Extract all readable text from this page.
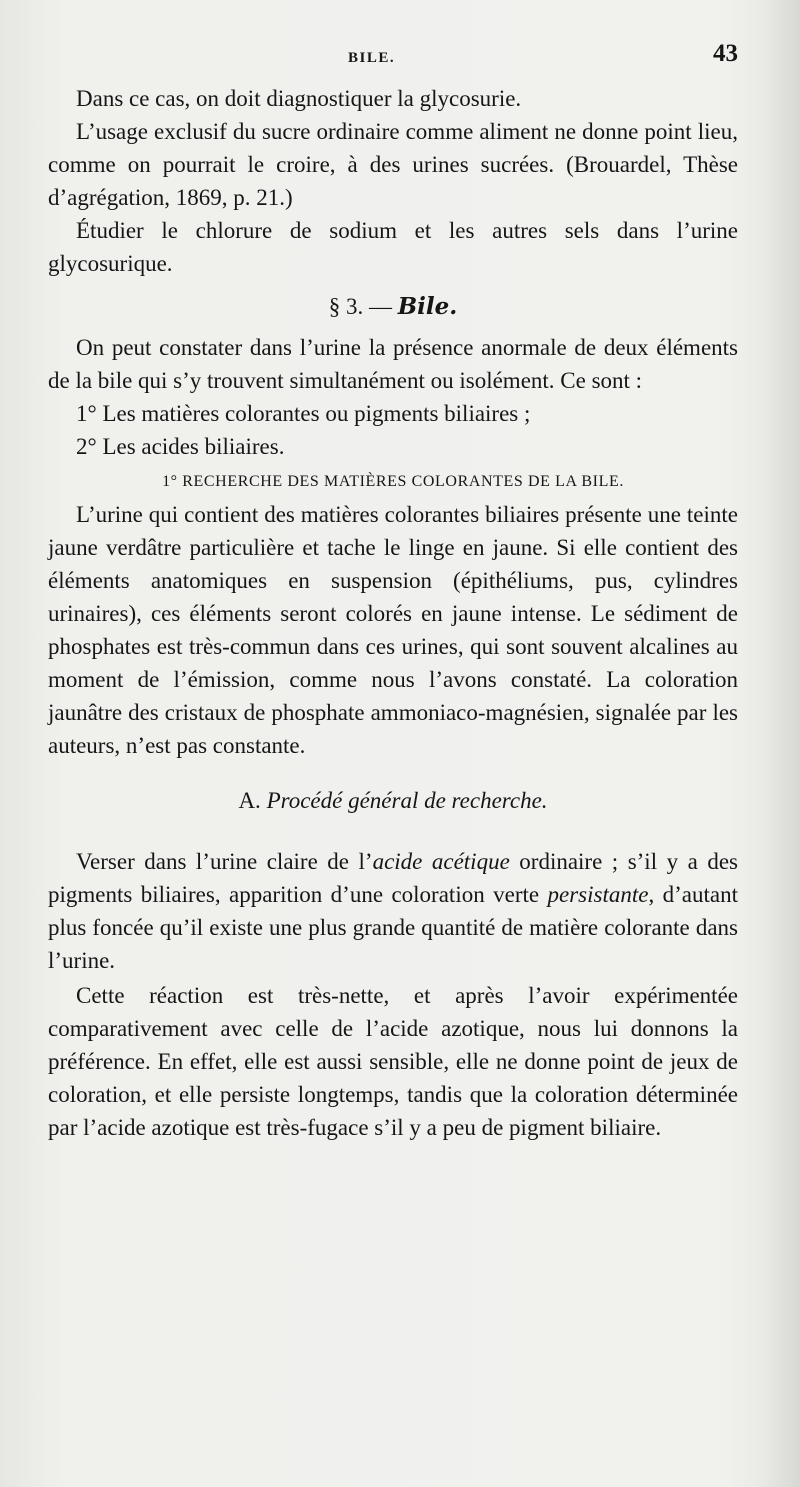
BILE.	43

Dans ce cas, on doit diagnostiquer la glycosurie.

L’usage exclusif du sucre ordinaire comme aliment ne donne point lieu, comme on pourrait le croire, à des urines sucrées. (Brouardel, Thèse d’agrégation, 1869, p. 21.)

Étudier le chlorure de sodium et les autres sels dans l’urine glycosurique.

§ 3. — Bile.

On peut constater dans l’urine la présence anormale de deux éléments de la bile qui s’y trouvent simultanément ou isolément. Ce sont :

1° Les matières colorantes ou pigments biliaires ;

2° Les acides biliaires.

1° RECHERCHE DES MATIÈRES COLORANTES DE LA BILE.

L’urine qui contient des matières colorantes biliaires présente une teinte jaune verdâtre particulière et tache le linge en jaune. Si elle contient des éléments anatomiques en suspension (épithéliums, pus, cylindres urinaires), ces éléments seront colorés en jaune intense. Le sédiment de phosphates est très-commun dans ces urines, qui sont souvent alcalines au moment de l’émission, comme nous l’avons constaté. La coloration jaunâtre des cristaux de phosphate ammoniaco-magnésien, signalée par les auteurs, n’est pas constante.

A. Procédé général de recherche.

Verser dans l’urine claire de l’acide acétique ordinaire ; s’il y a des pigments biliaires, apparition d’une coloration verte persistante, d’autant plus foncée qu’il existe une plus grande quantité de matière colorante dans l’urine.

Cette réaction est très-nette, et après l’avoir expérimentée comparativement avec celle de l’acide azotique, nous lui donnons la préférence. En effet, elle est aussi sensible, elle ne donne point de jeux de coloration, et elle persiste longtemps, tandis que la coloration déterminée par l’acide azotique est très-fugace s’il y a peu de pigment biliaire.
